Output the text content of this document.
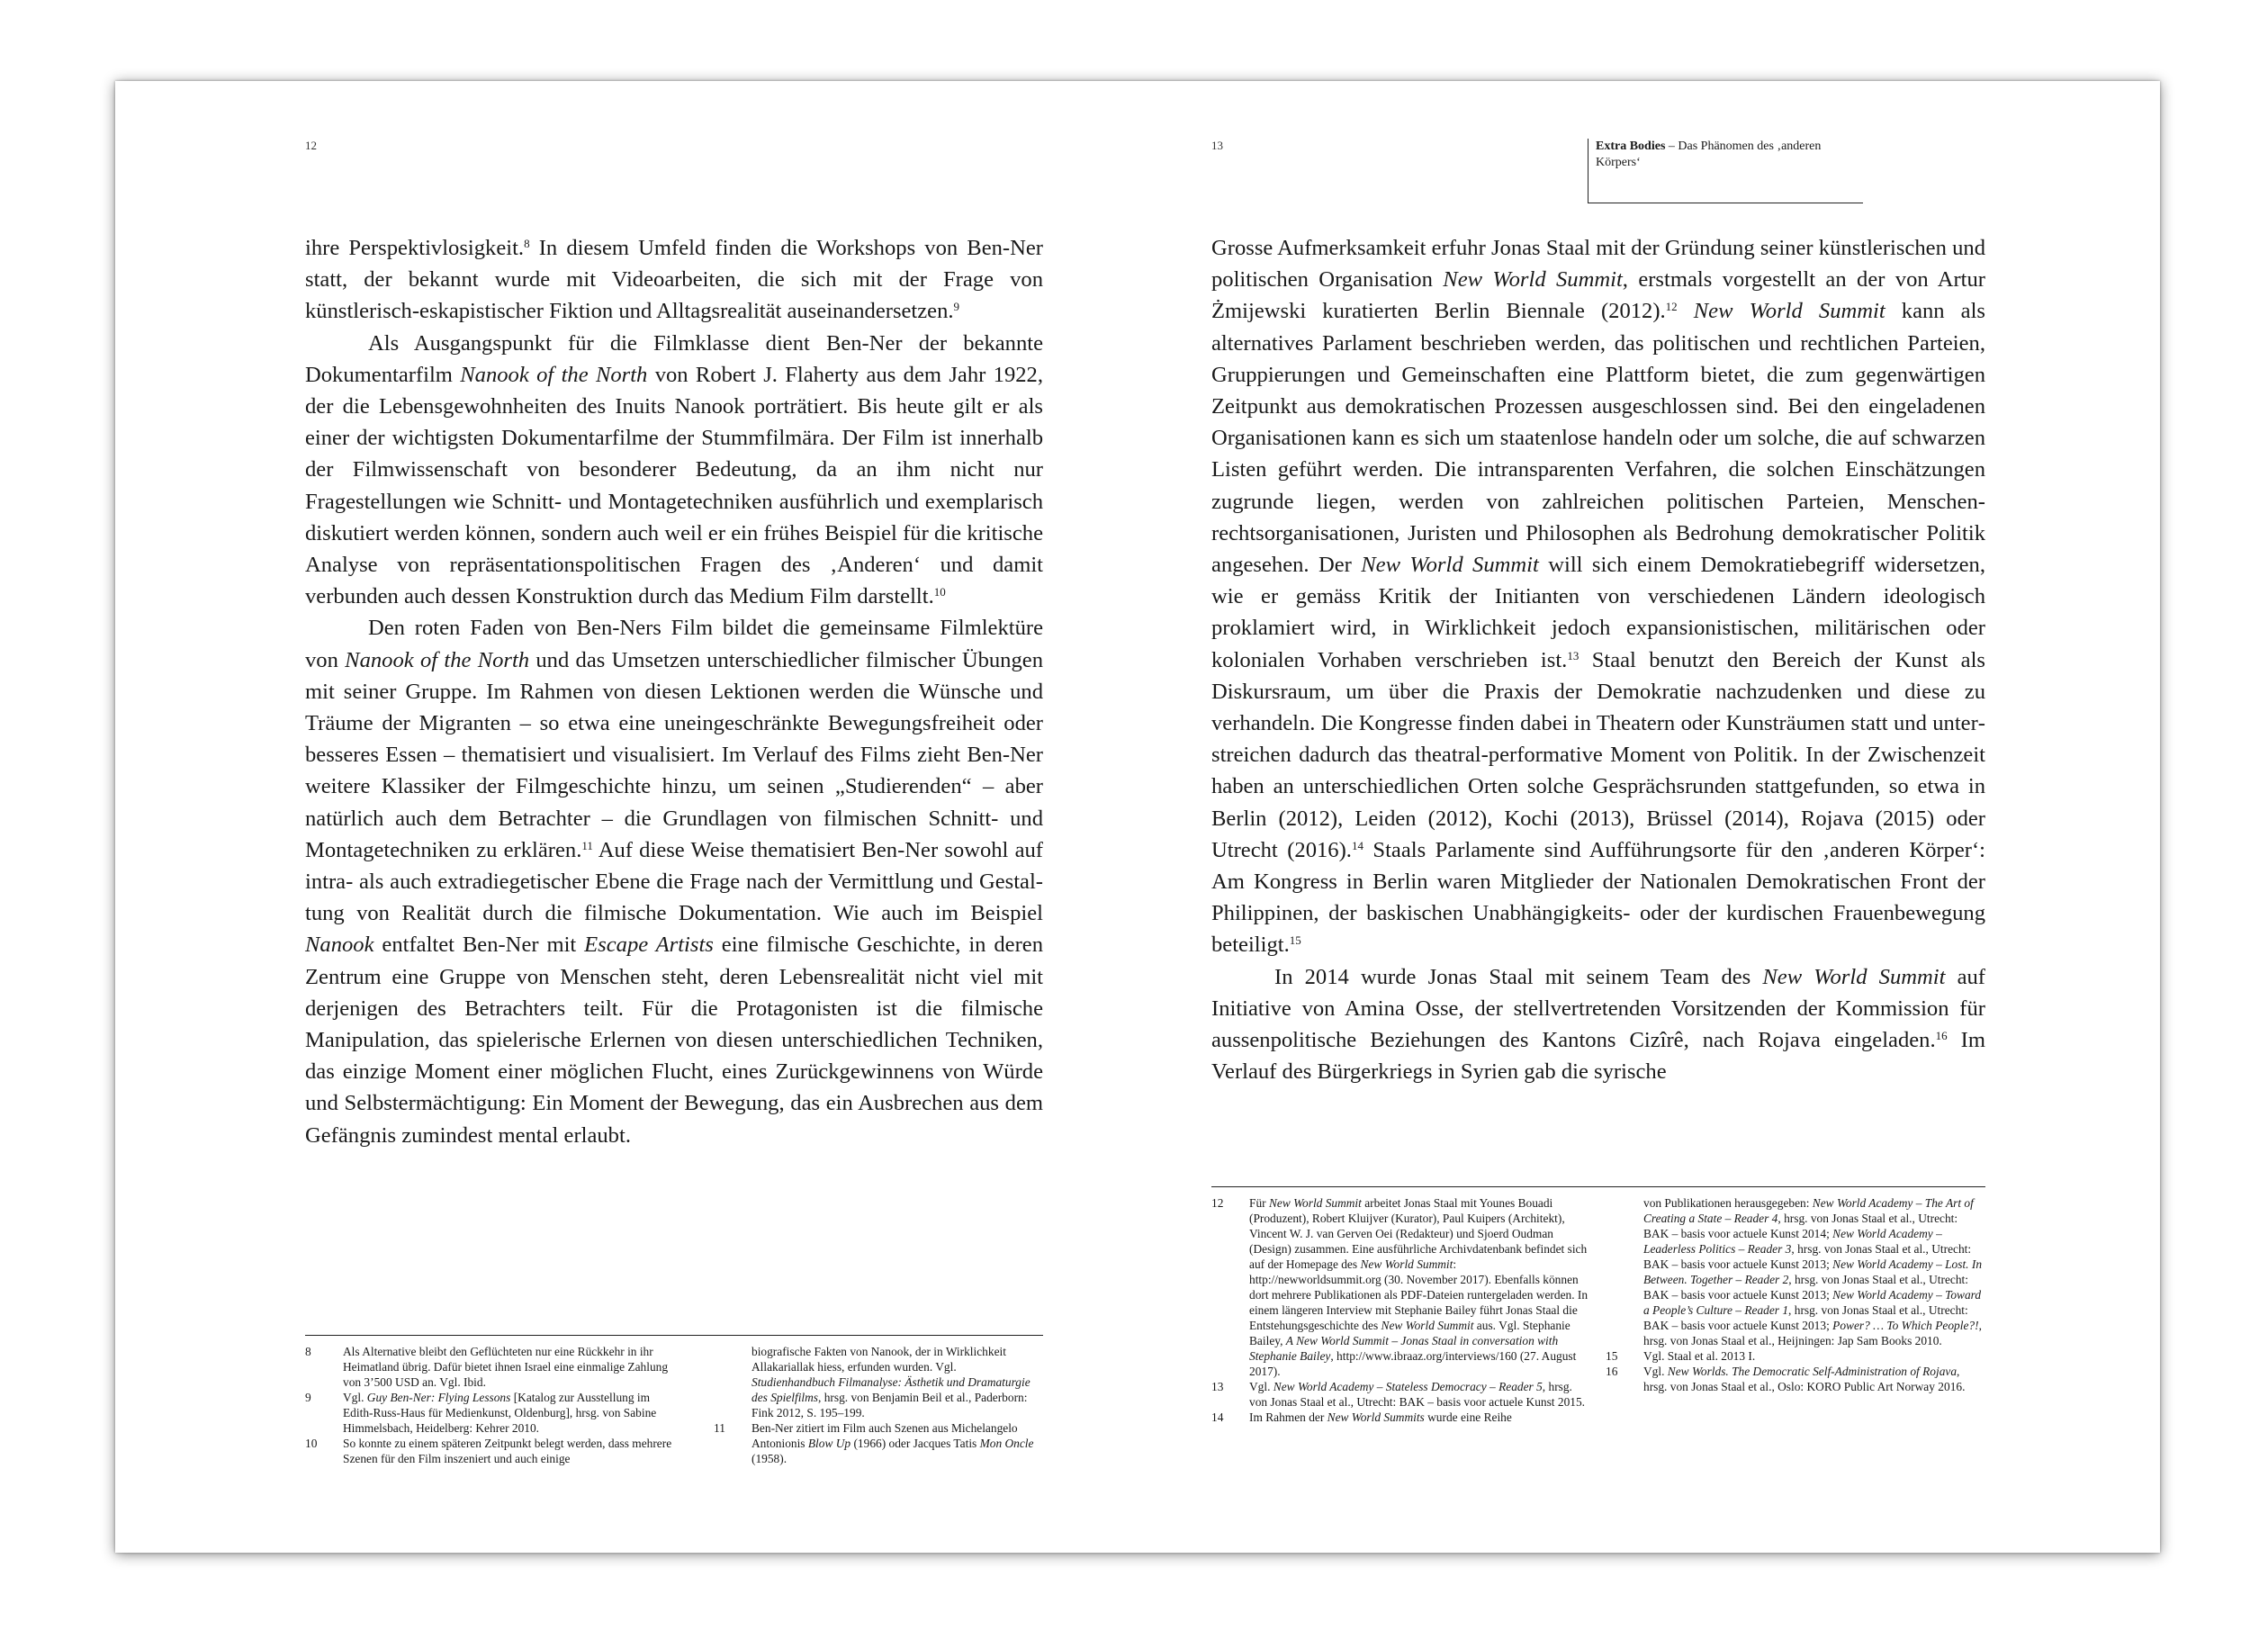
12

ihre Perspektivlosigkeit.$^8$ In diesem Umfeld finden die Workshops von Ben-Ner statt, der bekannt wurde mit Videoarbeiten, die sich mit der Frage von künstlerisch-eskapistischer Fiktion und Alltagsrealität auseinandersetzen.$^9$

Als Ausgangspunkt für die Filmklasse dient Ben-Ner der bekannte Dokumentarfilm Nanook of the North von Robert J. Flaherty aus dem Jahr 1922, der die Lebensgewohnheiten des Inuits Nanook porträtiert. Bis heute gilt er als einer der wichtigsten Dokumentarfilme der Stummfilmära. Der Film ist innerhalb der Filmwissenschaft von besonderer Bedeutung, da an ihm nicht nur Fragestellungen wie Schnitt- und Montagetechniken ausführlich und exemplarisch diskutiert werden können, sondern auch weil er ein frühes Beispiel für die kritische Analyse von repräsentationspolitischen Fragen des ‚Anderen‘ und damit verbunden auch dessen Konstruktion durch das Medium Film darstellt.$^{10}$

Den roten Faden von Ben-Ners Film bildet die gemeinsame Filmlektüre von Nanook of the North und das Umsetzen unterschiedlicher filmischer Übungen mit seiner Gruppe. Im Rahmen von diesen Lektionen werden die Wünsche und Träume der Migranten – so etwa eine uneingeschränkte Bewegungsfreiheit oder besseres Essen – thematisiert und visualisiert. Im Verlauf des Films zieht Ben-Ner weitere Klassiker der Filmgeschichte hinzu, um seinen „Studierenden“ – aber natürlich auch dem Betrachter – die Grundlagen von filmischen Schnitt- und Montagetechniken zu erklären.$^{11}$ Auf diese Weise thematisiert Ben-Ner sowohl auf intra- als auch extradiegetischer Ebene die Frage nach der Vermittlung und Gestaltung von Realität durch die filmische Dokumentation. Wie auch im Beispiel Nanook entfaltet Ben-Ner mit Escape Artists eine filmische Geschichte, in deren Zentrum eine Gruppe von Menschen steht, deren Lebensrealität nicht viel mit derjenigen des Betrachters teilt. Für die Protagonisten ist die filmische Manipulation, das spielerische Erlernen von diesen unterschiedlichen Techniken, das einzige Moment einer möglichen Flucht, eines Zurückgewinnens von Würde und Selbstermächtigung: Ein Moment der Bewegung, das ein Ausbrechen aus dem Gefängnis zumindest mental erlaubt.

8	Als Alternative bleibt den Geflüchteten nur eine Rückkehr in ihr Heimatland übrig. Dafür bietet ihnen Israel eine einmalige Zahlung von 3’500 USD an. Vgl. Ibid.
9	Vgl. Guy Ben-Ner: Flying Lessons [Katalog zur Ausstellung im Edith-Russ-Haus für Medienkunst, Oldenburg], hrsg. von Sabine Himmelsbach, Heidelberg: Kehrer 2010.
10	So konnte zu einem späteren Zeitpunkt belegt werden, dass mehrere Szenen für den Film inszeniert und auch einige
biografische Fakten von Nanook, der in Wirklichkeit Allakariallak hiess, erfunden wurden. Vgl. Studienhandbuch Filmanalyse: Ästhetik und Dramaturgie des Spielfilms, hrsg. von Benjamin Beil et al., Paderborn: Fink 2012, S. 195–199.
11	Ben-Ner zitiert im Film auch Szenen aus Michelangelo Antonionis Blow Up (1966) oder Jacques Tatis Mon Oncle (1958).
13	Extra Bodies – Das Phänomen des ‚anderen Körpers‘

Grosse Aufmerksamkeit erfuhr Jonas Staal mit der Gründung seiner künstlerischen und politischen Organisation New World Summit, erstmals vorgestellt an der von Artur Żmijewski kuratierten Berlin Biennale (2012).$^{12}$ New World Summit kann als alternatives Parlament beschrieben werden, das politischen und rechtlichen Parteien, Gruppierungen und Gemeinschaften eine Plattform bietet, die zum gegenwärtigen Zeitpunkt aus demokratischen Prozessen ausgeschlossen sind. Bei den eingeladenen Organisationen kann es sich um staatenlose handeln oder um solche, die auf schwarzen Listen geführt werden. Die intransparenten Verfahren, die solchen Einschätzungen zugrunde liegen, werden von zahlreichen politischen Parteien, Menschenrechtsorganisationen, Juristen und Philosophen als Bedrohung demokratischer Politik angesehen. Der New World Summit will sich einem Demokratiebegriff widersetzen, wie er gemäss Kritik der Initianten von verschiedenen Ländern ideologisch proklamiert wird, in Wirklichkeit jedoch expansionistischen, militärischen oder kolonialen Vorhaben verschrieben ist.$^{13}$ Staal benutzt den Bereich der Kunst als Diskursraum, um über die Praxis der Demokratie nachzudenken und diese zu verhandeln. Die Kongresse finden dabei in Theatern oder Kunsträumen statt und unterstreichen dadurch das theatral-performative Moment von Politik. In der Zwischenzeit haben an unterschiedlichen Orten solche Gesprächsrunden stattgefunden, so etwa in Berlin (2012), Leiden (2012), Kochi (2013), Brüssel (2014), Rojava (2015) oder Utrecht (2016).$^{14}$ Staals Parlamente sind Aufführungsorte für den ‚anderen Körper‘: Am Kongress in Berlin waren Mitglieder der Nationalen Demokratischen Front der Philippinen, der baskischen Unabhängigkeits- oder der kurdischen Frauenbewegung beteiligt.$^{15}$

In 2014 wurde Jonas Staal mit seinem Team des New World Summit auf Initiative von Amina Osse, der stellvertretenden Vorsitzenden der Kommission für aussenpolitische Beziehungen des Kantons Cizîrê, nach Rojava eingeladen.$^{16}$ Im Verlauf des Bürgerkriegs in Syrien gab die syrische

12	Für New World Summit arbeitet Jonas Staal mit Younes Bouadi (Produzent), Robert Kluijver (Kurator), Paul Kuipers (Architekt), Vincent W. J. van Gerven Oei (Redakteur) und Sjoerd Oudman (Design) zusammen. Eine ausführliche Archivdatenbank befindet sich auf der Homepage des New World Summit: http://newworldsummit.org (30. November 2017). Ebenfalls können dort mehrere Publikationen als PDF-Dateien runtergeladen werden. In einem längeren Interview mit Stephanie Bailey führt Jonas Staal die Entstehungsgeschichte des New World Summit aus. Vgl. Stephanie Bailey, A New World Summit – Jonas Staal in conversation with Stephanie Bailey, http://www.ibraaz.org/interviews/160 (27. August 2017).
13	Vgl. New World Academy – Stateless Democracy – Reader 5, hrsg. von Jonas Staal et al., Utrecht: BAK – basis voor actuele Kunst 2015.
14	Im Rahmen der New World Summits wurde eine Reihe
von Publikationen herausgegeben: New World Academy – The Art of Creating a State – Reader 4, hrsg. von Jonas Staal et al., Utrecht: BAK – basis voor actuele Kunst 2014; New World Academy – Leaderless Politics – Reader 3, hrsg. von Jonas Staal et al., Utrecht: BAK – basis voor actuele Kunst 2013; New World Academy – Lost. In Between. Together – Reader 2, hrsg. von Jonas Staal et al., Utrecht: BAK – basis voor actuele Kunst 2013; New World Academy – Toward a People’s Culture – Reader 1, hrsg. von Jonas Staal et al., Utrecht: BAK – basis voor actuele Kunst 2013; Power? … To Which People?!, hrsg. von Jonas Staal et al., Heijningen: Jap Sam Books 2010.
15	Vgl. Staal et al. 2013 I.
16	Vgl. New Worlds. The Democratic Self-Administration of Rojava, hrsg. von Jonas Staal et al., Oslo: KORO Public Art Norway 2016.
